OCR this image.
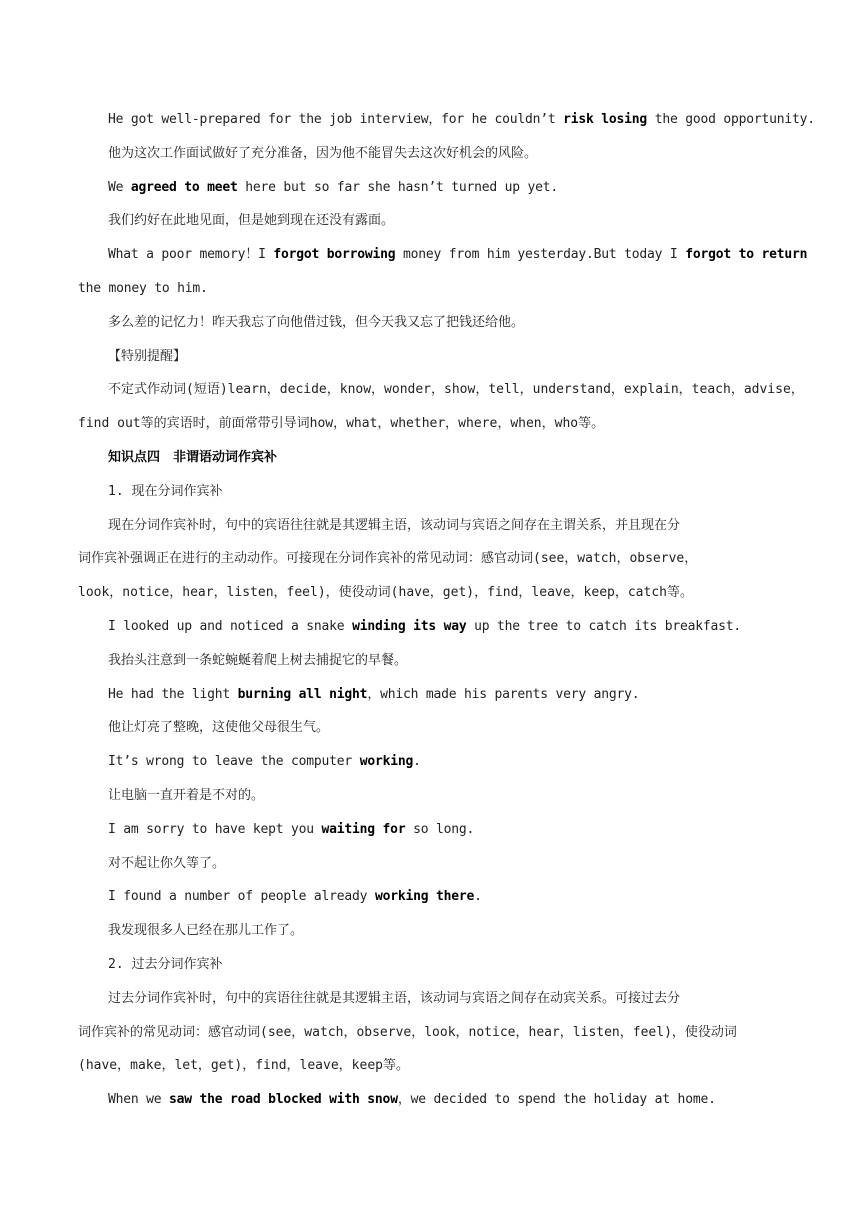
He got well-prepared for the job interview，for he couldn’t risk losing the good opportunity.
他为这次工作面试做好了充分准备，因为他不能冒失去这次好机会的风险。
We agreed to meet here but so far she hasn’t turned up yet.
我们约好在此地见面，但是她到现在还没有露面。
What a poor memory！I forgot borrowing money from him yesterday.But today I forgot to return
the money to him.
多么差的记忆力！昨天我忘了向他借过钱，但今天我又忘了把钱还给他。
【特别提醒】
不定式作动词(短语)learn，decide，know，wonder，show，tell，understand，explain，teach，advise，
find out等的宾语时，前面常带引导词how，what，whether，where，when，who等。
知识点四　非谓语动词作宾补
1. 现在分词作宾补
现在分词作宾补时，句中的宾语往往就是其逻辑主语，该动词与宾语之间存在主谓关系，并且现在分
词作宾补强调正在进行的主动动作。可接现在分词作宾补的常见动词：感官动词(see，watch，observe，
look，notice，hear，listen，feel)，使役动词(have，get)，find，leave，keep，catch等。
I looked up and noticed a snake winding its way up the tree to catch its breakfast.
我抬头注意到一条蛇蜿蜒着爬上树去捕捉它的早餐。
He had the light burning all night，which made his parents very angry.
他让灯亮了整晚，这使他父母很生气。
It’s wrong to leave the computer working.
让电脑一直开着是不对的。
I am sorry to have kept you waiting for so long.
对不起让你久等了。
I found a number of people already working there.
我发现很多人已经在那儿工作了。
2. 过去分词作宾补
过去分词作宾补时，句中的宾语往往就是其逻辑主语，该动词与宾语之间存在动宾关系。可接过去分
词作宾补的常见动词：感官动词(see，watch，observe，look，notice，hear，listen，feel)，使役动词
(have，make，let，get)，find，leave，keep等。
When we saw the road blocked with snow，we decided to spend the holiday at home.
